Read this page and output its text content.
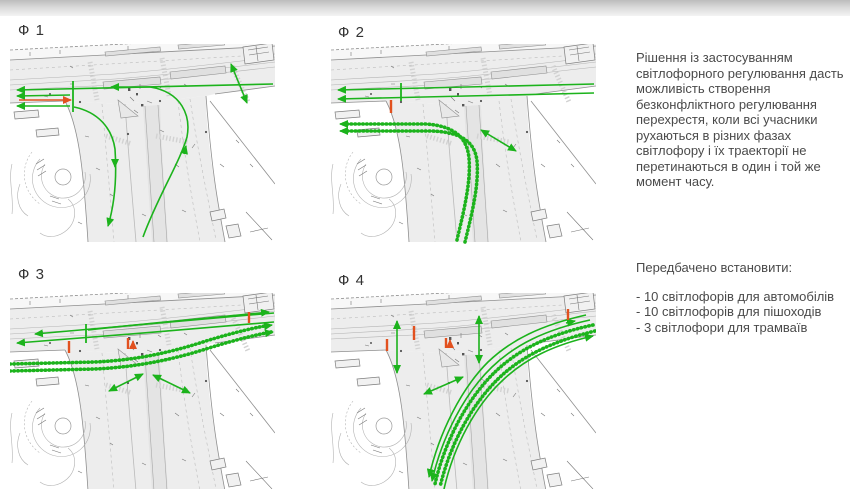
Ф 1	Ф 2
Ф 3	Ф 4
Рішення із застосуванням світлофорного регулювання дасть можливість створення безконфліктного регулювання перехрестя, коли всі учасники рухаються в різних фазах світлофору і їх траекторії не перетинаються в один і той же момент часу.

Передбачено встановити:

- 10 світлофорів для автомобілів
- 10 світлофорів для пішоходів
- 3 світлофори для трамваїв
